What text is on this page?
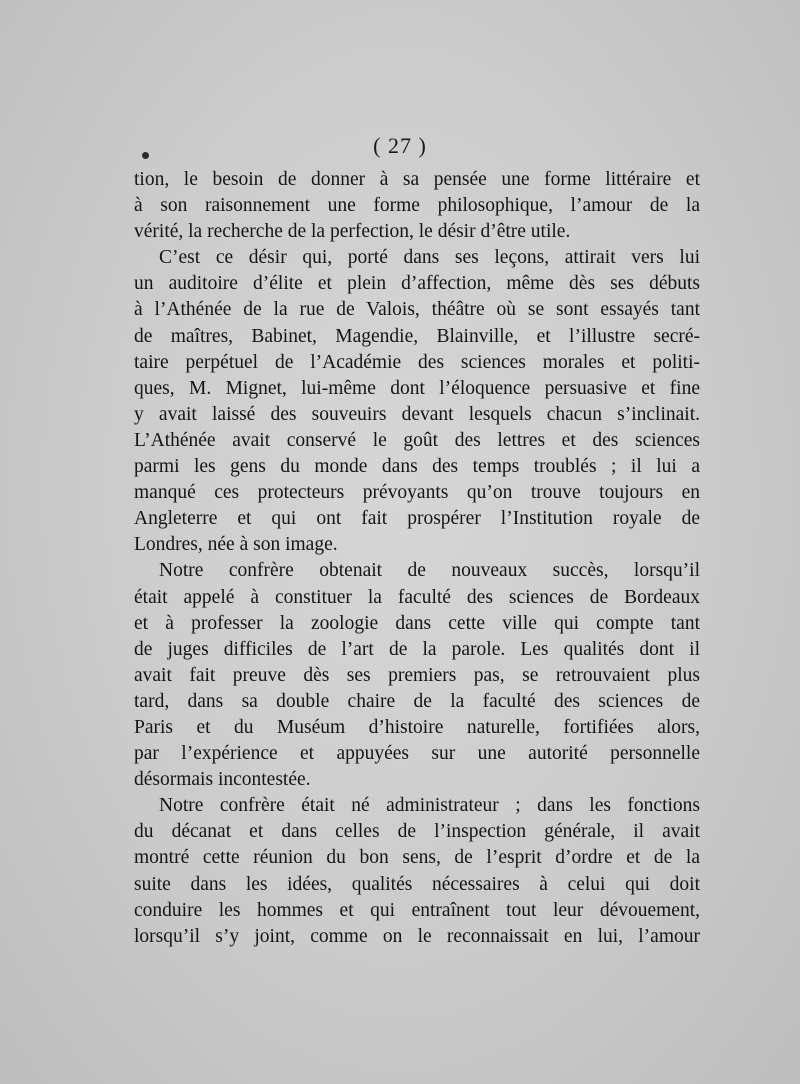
( 27 )
tion, le besoin de donner à sa pensée une forme littéraire et
à son raisonnement une forme philosophique, l’amour de la
vérité, la recherche de la perfection, le désir d’être utile.
C’est ce désir qui, porté dans ses leçons, attirait vers lui
un auditoire d’élite et plein d’affection, même dès ses débuts
à l’Athénée de la rue de Valois, théâtre où se sont essayés tant
de maîtres, Babinet, Magendie, Blainville, et l’illustre secré-
taire perpétuel de l’Académie des sciences morales et politi-
ques, M. Mignet, lui-même dont l’éloquence persuasive et fine
y avait laissé des souveuirs devant lesquels chacun s’inclinait.
L’Athénée avait conservé le goût des lettres et des sciences
parmi les gens du monde dans des temps troublés ; il lui a
manqué ces protecteurs prévoyants qu’on trouve toujours en
Angleterre et qui ont fait prospérer l’Institution royale de
Londres, née à son image.
Notre confrère obtenait de nouveaux succès, lorsqu’il
était appelé à constituer la faculté des sciences de Bordeaux
et à professer la zoologie dans cette ville qui compte tant
de juges difficiles de l’art de la parole. Les qualités dont il
avait fait preuve dès ses premiers pas, se retrouvaient plus
tard, dans sa double chaire de la faculté des sciences de
Paris et du Muséum d’histoire naturelle, fortifiées alors,
par l’expérience et appuyées sur une autorité personnelle
désormais incontestée.
Notre confrère était né administrateur ; dans les fonctions
du décanat et dans celles de l’inspection générale, il avait
montré cette réunion du bon sens, de l’esprit d’ordre et de la
suite dans les idées, qualités nécessaires à celui qui doit
conduire les hommes et qui entraînent tout leur dévouement,
lorsqu’il s’y joint, comme on le reconnaissait en lui, l’amour
